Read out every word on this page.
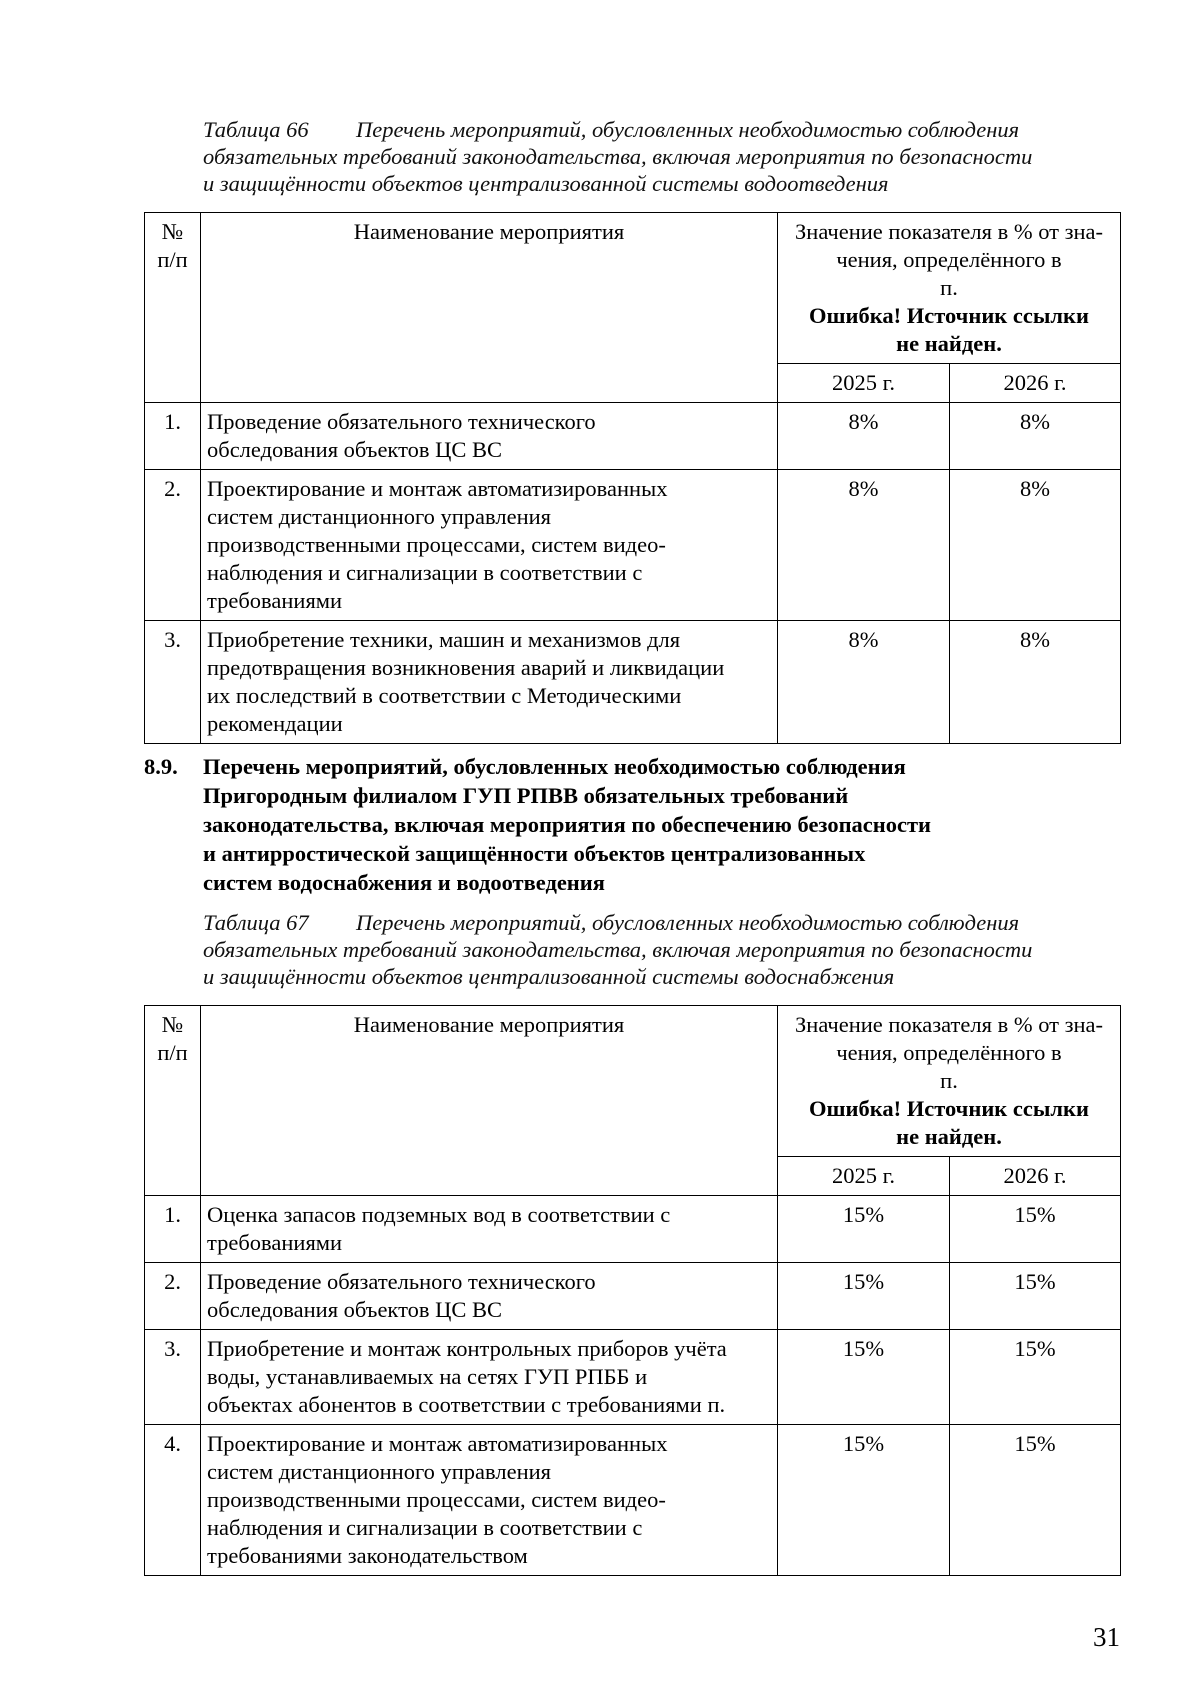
Таблица 66 Перечень мероприятий, обусловленных необходимостью соблюдения
обязательных требований законодательства, включая мероприятия по безопасности
и защищённости объектов централизованной системы водоотведения
№
п/п	Наименование мероприятия	Значение показателя в % от зна-
чения, определённого в
п.
Ошибка! Источник ссылки
не найден.	

		2025 г.	2026 г.
1.	Проведение обязательного технического
обследования объектов ЦС ВС	8%	8%
2.	Проектирование и монтаж автоматизированных
систем дистанционного управления
производственными процессами, систем видео-
наблюдения и сигнализации в соответствии с
требованиями	8%	8%
3.	Приобретение техники, машин и механизмов для
предотвращения возникновения аварий и ликвидации
их последствий в соответствии с Методическими
рекомендации	8%	8%
8.9. Перечень мероприятий, обусловленных необходимостью соблюдения
Пригородным филиалом ГУП РПВВ обязательных требований
законодательства, включая мероприятия по обеспечению безопасности
и антирростической защищённости объектов централизованных
систем водоснабжения и водоотведения
Таблица 67 Перечень мероприятий, обусловленных необходимостью соблюдения
обязательных требований законодательства, включая мероприятия по безопасности
и защищённости объектов централизованной системы водоснабжения
№
п/п	Наименование мероприятия	Значение показателя в % от зна-
чения, определённого в
п.
Ошибка! Источник ссылки
не найден.	

		2025 г.	2026 г.
1.	Оценка запасов подземных вод в соответствии с
требованиями	15%	15%
2.	Проведение обязательного технического
обследования объектов ЦС ВС	15%	15%
3.	Приобретение и монтаж контрольных приборов учёта
воды, устанавливаемых на сетях ГУП РПББ и
объектах абонентов в соответствии с требованиями п.	15%	15%
4.	Проектирование и монтаж автоматизированных
систем дистанционного управления
производственными процессами, систем видео-
наблюдения и сигнализации в соответствии с
требованиями законодательством	15%	15%
31
